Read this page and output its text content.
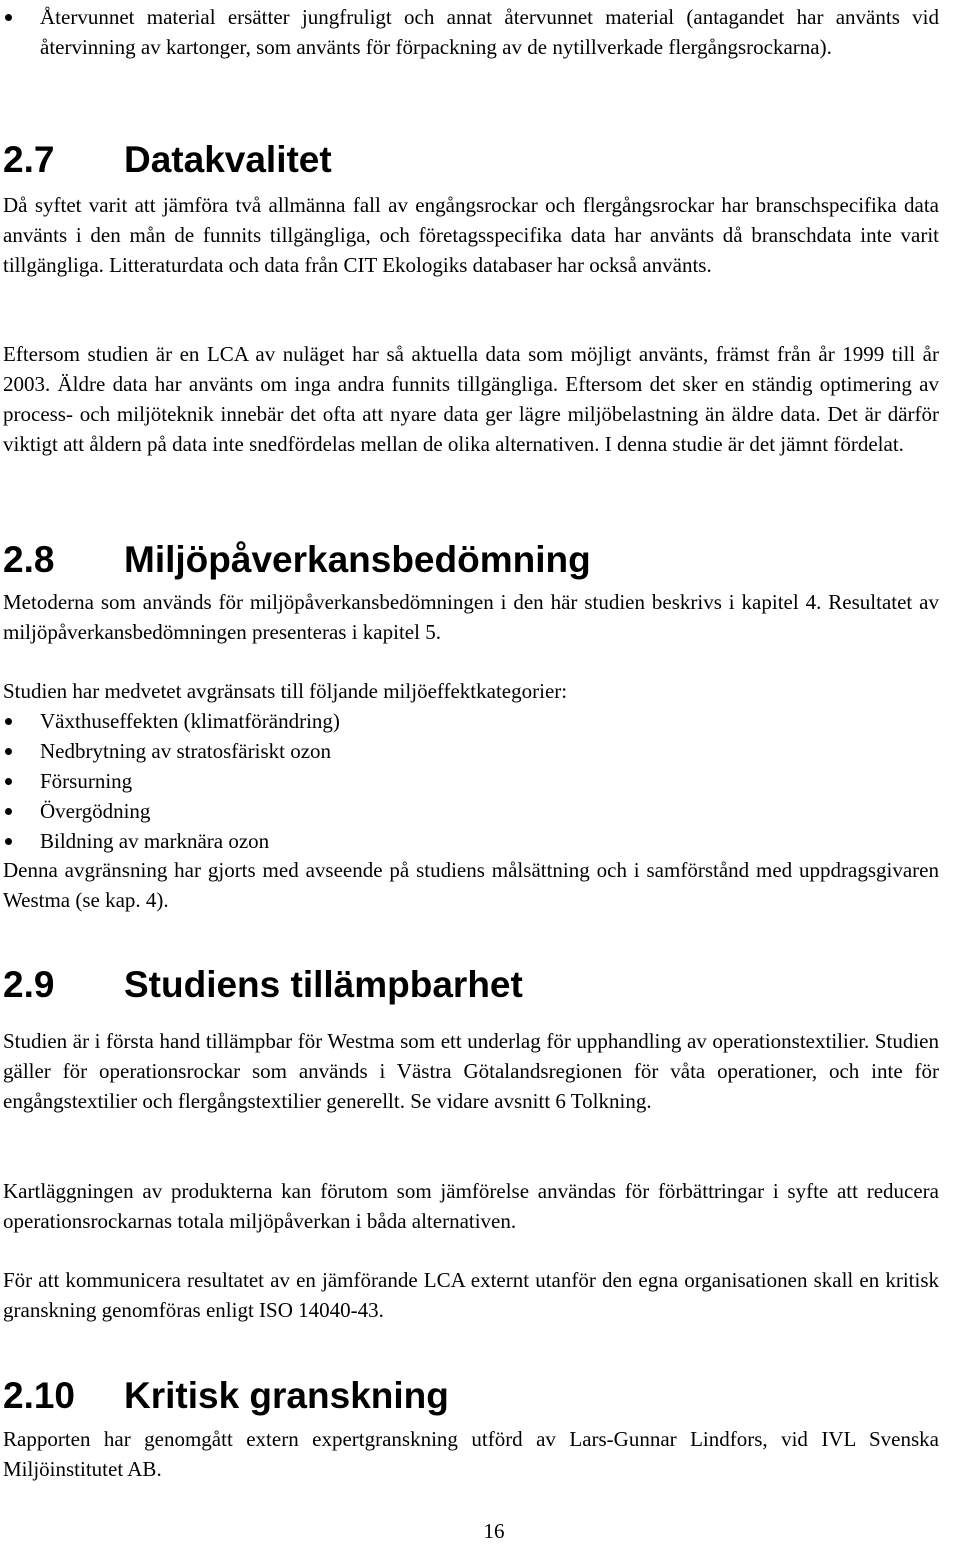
Återvunnet material ersätter jungfruligt och annat återvunnet material (antagandet har använts vid återvinning av kartonger, som använts för förpackning av de nytillverkade flergångsrockarna).

2.7	Datakvalitet

Då syftet varit att jämföra två allmänna fall av engångsrockar och flergångsrockar har branschspecifika data använts i den mån de funnits tillgängliga, och företagsspecifika data har använts då branschdata inte varit tillgängliga. Litteraturdata och data från CIT Ekologiks databaser har också använts.

Eftersom studien är en LCA av nuläget har så aktuella data som möjligt använts, främst från år 1999 till år 2003. Äldre data har använts om inga andra funnits tillgängliga. Eftersom det sker en ständig optimering av process- och miljöteknik innebär det ofta att nyare data ger lägre miljöbelastning än äldre data. Det är därför viktigt att åldern på data inte snedfördelas mellan de olika alternativen. I denna studie är det jämnt fördelat.

2.8	Miljöpåverkansbedömning

Metoderna som används för miljöpåverkansbedömningen i den här studien beskrivs i kapitel 4. Resultatet av miljöpåverkansbedömningen presenteras i kapitel 5.

Studien har medvetet avgränsats till följande miljöeffektkategorier:

Växthuseffekten (klimatförändring)
Nedbrytning av stratosfäriskt ozon
Försurning
Övergödning
Bildning av marknära ozon

Denna avgränsning har gjorts med avseende på studiens målsättning och i samförstånd med uppdragsgivaren Westma (se kap. 4).

2.9	Studiens tillämpbarhet

Studien är i första hand tillämpbar för Westma som ett underlag för upphandling av operationstextilier. Studien gäller för operationsrockar som används i Västra Götalandsregionen för våta operationer, och inte för engångstextilier och flergångstextilier generellt. Se vidare avsnitt 6 Tolkning.

Kartläggningen av produkterna kan förutom som jämförelse användas för förbättringar i syfte att reducera operationsrockarnas totala miljöpåverkan i båda alternativen.

För att kommunicera resultatet av en jämförande LCA externt utanför den egna organisationen skall en kritisk granskning genomföras enligt ISO 14040-43.

2.10	Kritisk granskning

Rapporten har genomgått extern expertgranskning utförd av Lars-Gunnar Lindfors, vid IVL Svenska Miljöinstitutet AB.

16
